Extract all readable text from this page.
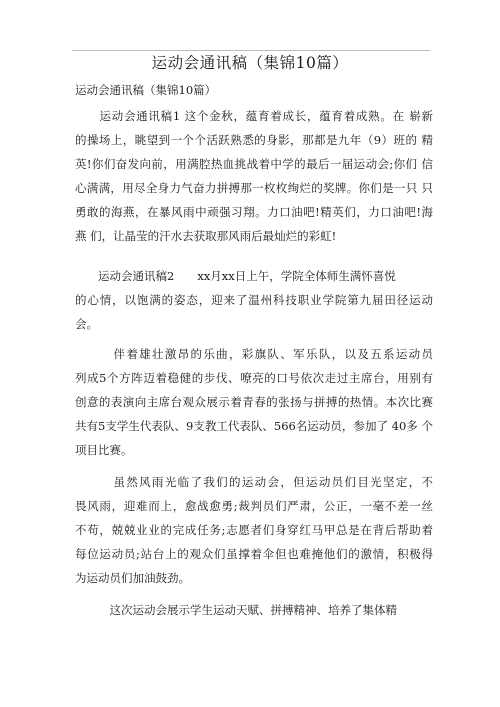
运动会通讯稿（集锦10篇）
运动会通讯稿（集锦10篇）
　　运动会通讯稿1 这个金秋，蕴育着成长，蕴育着成熟。在 崭新
的操场上，眺望到一个个活跃熟悉的身影，那都是九年（9）班的 精
英!你们奋发向前，用满腔热血挑战着中学的最后一届运动会;你们 信
心满满，用尽全身力气奋力拼搏那一枚枚绚烂的奖牌。你们是一只 只
勇敢的海燕，在暴风雨中顽强习翔。力口油吧!精英们，力口油吧!海
燕 们，让晶莹的汗水去获取那风雨后最灿烂的彩虹!
　　运动会通讯稿2　　xx月xx日上午，学院全体师生满怀喜悦
的心情，以饱满的姿态，迎来了温州科技职业学院第九届田径运动
会。
　　　伴着雄壮激昂的乐曲，彩旗队、军乐队，以及五系运动员
列成5个方阵迈着稳健的步伐、嘹亮的口号依次走过主席台，用别有
创意的表演向主席台观众展示着青春的张扬与拼搏的热情。本次比赛
共有5支学生代表队、9支教工代表队、566名运动员，参加了 40多 个
项目比赛。
　　　虽然风雨光临了我们的运动会，但运动员们目光坚定，不
畏风雨，迎难而上，愈战愈勇;裁判员们严肃，公正，一毫不差一丝
不苟，兢兢业业的完成任务;志愿者们身穿红马甲总是在背后帮助着
每位运动员;站台上的观众们虽撑着伞但也难掩他们的激情，积极得
为运动员们加油鼓劲。
　　　这次运动会展示学生运动天赋、拼搏精神、培养了集体精
